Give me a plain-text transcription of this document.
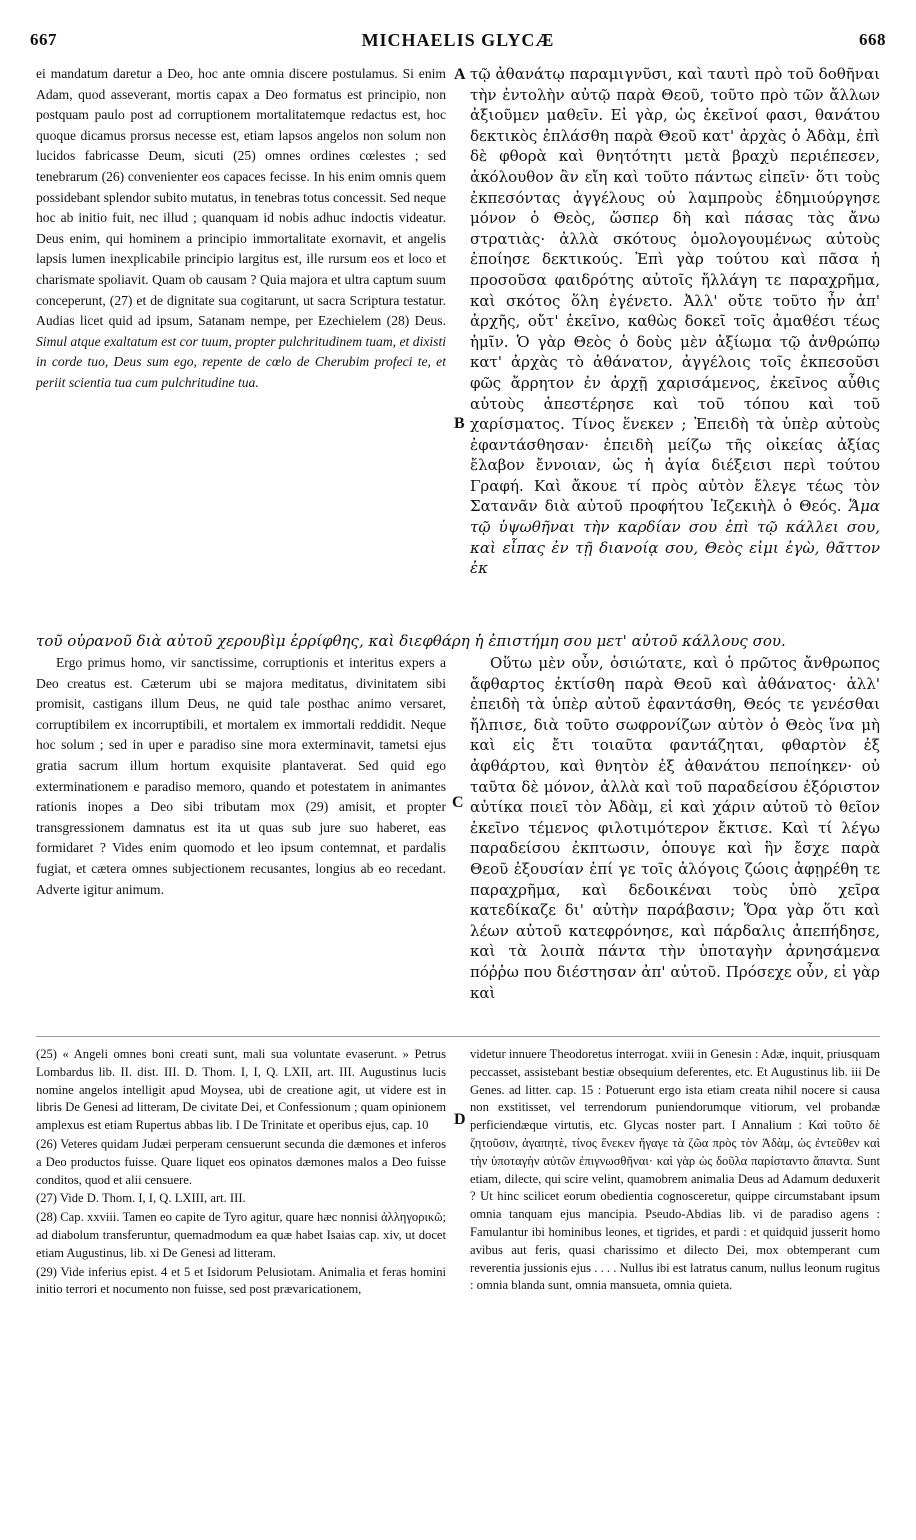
667	MICHAELIS GLYCÆ	668
A
B
C
D

ei mandatum daretur a Deo, hoc ante omnia discere postulamus. Si enim Adam, quod asseverant, mortis capax a Deo formatus est principio, non postquam paulo post ad corruptionem mortalitatemque redactus est, hoc quoque dicamus prorsus necesse est, etiam lapsos angelos non solum non lucidos fabricasse Deum, sicuti (25) omnes ordines cœlestes ; sed tenebrarum (26) convenienter eos capaces fecisse. In his enim omnis quem possidebant splendor subito mutatus, in tenebras totus concessit. Sed neque hoc ab initio fuit, nec illud ; quanquam id nobis adhuc indoctis videatur. Deus enim, qui hominem a principio immortalitate exornavit, et angelis lapsis lumen inexplicabile principio largitus est, ille rursum eos et loco et charismate spoliavit. Quam ob causam ? Quia majora et ultra captum suum conceperunt, (27) et de dignitate sua cogitarunt, ut sacra Scriptura testatur. Audias licet quid ad ipsum, Satanam nempe, per Ezechielem (28) Deus. Simul atque exaltatum est cor tuum, propter pulchritudinem tuam, et dixisti in corde tuo, Deus sum ego, repente de cœlo de Cherubim profeci te, et periit scientia tua cum pulchritudine tua.

τῷ ἀθανάτῳ παραμιγνῦσι, καὶ ταυτὶ πρὸ τοῦ δοθῆναι τὴν ἐντολὴν αὐτῷ παρὰ Θεοῦ, τοῦτο πρὸ τῶν ἄλλων ἀξιοῦμεν μαθεῖν. Εἰ γὰρ, ὡς ἐκεῖνοί φασι, θανάτου δεκτικὸς ἐπλάσθη παρὰ Θεοῦ κατ' ἀρχὰς ὁ Ἀδὰμ, ἐπὶ δὲ φθορὰ καὶ θνητότητι μετὰ βραχὺ περιέπεσεν, ἀκόλουθον ἂν εἴη καὶ τοῦτο πάντως εἰπεῖν· ὅτι τοὺς ἐκπεσόντας ἀγγέλους οὐ λαμπροὺς ἐδημιούργησε μόνον ὁ Θεὸς, ὥσπερ δὴ καὶ πάσας τὰς ἄνω στρατιὰς· ἀλλὰ σκότους ὁμολογουμένως αὐτοὺς ἐποίησε δεκτικούς. Ἐπὶ γὰρ τούτου καὶ πᾶσα ἡ προσοῦσα φαιδρότης αὐτοῖς ἤλλάγη τε παραχρῆμα, καὶ σκότος ὅλη ἐγένετο. Ἀλλ' οὔτε τοῦτο ἦν ἀπ' ἀρχῆς, οὔτ' ἐκεῖνο, καθὼς δοκεῖ τοῖς ἀμαθέσι τέως ἡμῖν. Ὁ γὰρ Θεὸς ὁ δοὺς μὲν ἀξίωμα τῷ ἀνθρώπῳ κατ' ἀρχὰς τὸ ἀθάνατον, ἀγγέλοις τοῖς ἐκπεσοῦσι φῶς ἄρρητον ἐν ἀρχῇ χαρισάμενος, ἐκεῖνος αὖθις αὐτοὺς ἀπεστέρησε καὶ τοῦ τόπου καὶ τοῦ χαρίσματος. Τίνος ἕνεκεν ; Ἐπειδὴ τὰ ὑπὲρ αὐτοὺς ἐφαντάσθησαν· ἐπειδὴ μείζω τῆς οἰκείας ἀξίας ἔλαβον ἔννοιαν, ὡς ἡ ἁγία διέξεισι περὶ τούτου Γραφή. Καὶ ἄκουε τί πρὸς αὐτὸν ἔλεγε τέως τὸν Σατανᾶν διὰ αὐτοῦ προφήτου Ἰεζεκιὴλ ὁ Θεός. Ἅμα τῷ ὑψωθῆναι τὴν καρδίαν σου ἐπὶ τῷ κάλλει σου, καὶ εἶπας ἐν τῇ διανοίᾳ σου, Θεὸς εἰμι ἐγὼ, θᾶττον ἐκ

τοῦ οὐρανοῦ διὰ αὐτοῦ χερουβὶμ ἐρρίφθης, καὶ διεφθάρη ἡ ἐπιστήμη σου μετ' αὐτοῦ κάλλους σου.

Ergo primus homo, vir sanctissime, corruptionis et interitus expers a Deo creatus est. Cæterum ubi se majora meditatus, divinitatem sibi promisit, castigans illum Deus, ne quid tale posthac animo versaret, corruptibilem ex incorruptibili, et mortalem ex immortali reddidit. Neque hoc solum ; sed in uper e paradiso sine mora exterminavit, tametsi ejus gratia sacrum illum hortum exquisite plantaverat. Sed quid ego exterminationem e paradiso memoro, quando et potestatem in animantes rationis inopes a Deo sibi tributam mox (29) amisit, et propter transgressionem damnatus est ita ut quas sub jure suo haberet, eas formidaret ? Vides enim quomodo et leo ipsum contemnat, et pardalis fugiat, et cætera omnes subjectionem recusantes, longius ab eo recedant. Adverte igitur animum.

Οὕτω μὲν οὖν, ὁσιώτατε, καὶ ὁ πρῶτος ἄνθρωπος ἄφθαρτος ἐκτίσθη παρὰ Θεοῦ καὶ ἀθάνατος· ἀλλ' ἐπειδὴ τὰ ὑπὲρ αὐτοῦ ἐφαντάσθη, Θεός τε γενέσθαι ἤλπισε, διὰ τοῦτο σωφρονίζων αὐτὸν ὁ Θεὸς ἵνα μὴ καὶ εἰς ἔτι τοιαῦτα φαντάζηται, φθαρτὸν ἐξ ἀφθάρτου, καὶ θνητὸν ἐξ ἀθανάτου πεποίηκεν· οὐ ταῦτα δὲ μόνον, ἀλλὰ καὶ τοῦ παραδείσου ἐξόριστον αὐτίκα ποιεῖ τὸν Ἀδὰμ, εἰ καὶ χάριν αὐτοῦ τὸ θεῖον ἐκεῖνο τέμενος φιλοτιμότερον ἔκτισε. Καὶ τί λέγω παραδείσου ἐκπτωσιν, ὁπουγε καὶ ἣν ἔσχε παρὰ Θεοῦ ἐξουσίαν ἐπί γε τοῖς ἀλόγοις ζώοις ἀφῃρέθη τε παραχρῆμα, καὶ δεδοικέναι τοὺς ὑπὸ χεῖρα κατεδίκαζε δι' αὐτὴν παράβασιν; Ὅρα γὰρ ὅτι καὶ λέων αὐτοῦ κατεφρόνησε, καὶ πάρδαλις ἀπεπήδησε, καὶ τὰ λοιπὰ πάντα τὴν ὑποταγὴν ἀρνησάμενα πόῤῥω που διέστησαν ἀπ' αὐτοῦ. Πρόσεχε οὖν, εἰ γὰρ καὶ

(25) « Angeli omnes boni creati sunt, mali sua voluntate evaserunt. » Petrus Lombardus lib. II. dist. III. D. Thom. I, I, Q. LXII, art. III. Augustinus lucis nomine angelos intelligit apud Moysea, ubi de creatione agit, ut videre est in libris De Genesi ad litteram, De civitate Dei, et Confessionum ; quam opinionem amplexus est etiam Rupertus abbas lib. I De Trinitate et operibus ejus, cap. 10

(26) Veteres quidam Judæi perperam censuerunt secunda die dæmones et inferos a Deo productos fuisse. Quare liquet eos opinatos dæmones malos a Deo fuisse conditos, quod et alii censuere.

(27) Vide D. Thom. I, I, Q. LXIII, art. III.

(28) Cap. xxviii. Tamen eo capite de Tyro agitur, quare hæc nonnisi ἀλληγορικῶ; ad diabolum transferuntur, quemadmodum ea quæ habet Isaias cap. xiv, ut docet etiam Augustinus, lib. xi De Genesi ad litteram.

(29) Vide inferius epist. 4 et 5 et Isidorum Pelusiotam. Animalia et feras homini initio terrori et nocumento non fuisse, sed post prævaricationem,

videtur innuere Theodoretus interrogat. xviii in Genesin : Adæ, inquit, priusquam peccasset, assistebant bestiæ obsequium deferentes, etc. Et Augustinus lib. iii De Genes. ad litter. cap. 15 : Potuerunt ergo ista etiam creata nihil nocere si causa non exstitisset, vel terrendorum puniendorumque vitiorum, vel probandæ perficiendæque virtutis, etc. Glycas noster part. I Annalium : Καὶ τοῦτο δὲ ζητοῦσιν, ἀγαπητὲ, τίνος ἕνεκεν ἤγαγε τὰ ζῶα πρὸς τὸν Ἀδὰμ, ὡς ἐντεῦθεν καὶ τὴν ὑποταγὴν αὐτῶν ἐπιγνωσθῆναι· καὶ γὰρ ὡς δοῦλα παρίσταντο ἅπαντα. Sunt etiam, dilecte, qui scire velint, quamobrem animalia Deus ad Adamum deduxerit ? Ut hinc scilicet eorum obedientia cognosceretur, quippe circumstabant ipsum omnia tanquam ejus mancipia. Pseudo-Abdias lib. vi de paradiso agens : Famulantur ibi hominibus leones, et tigrides, et pardi : et quidquid jusserit homo avibus aut feris, quasi charissimo et dilecto Dei, mox obtemperant cum reverentia jussionis ejus . . . . Nullus ibi est latratus canum, nullus leonum rugitus : omnia blanda sunt, omnia mansueta, omnia quieta.
